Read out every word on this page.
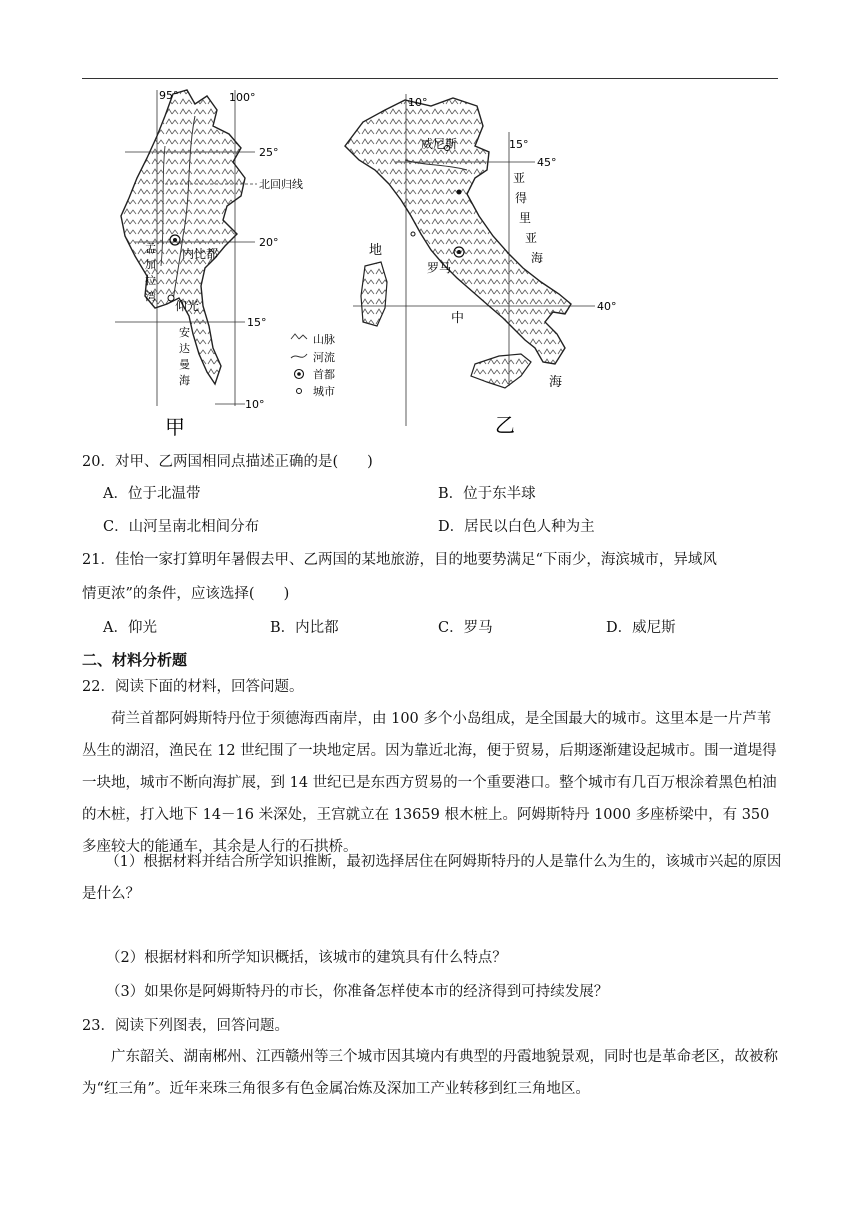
95°	100°
25°
北回归线
20°
15°
10°
内比都
仰光
孟
加
拉
湾
安
达
曼
海
甲
山脉
河流
首都
城市
10°
15°
45°
40°
威尼斯
罗马
亚
得
里
亚
海
地
中
海
乙
20．对甲、乙两国相同点描述正确的是(　　)
A．位于北温带	B．位于东半球
C．山河呈南北相间分布	D．居民以白色人种为主
21．佳怡一家打算明年暑假去甲、乙两国的某地旅游，目的地要势满足“下雨少，海滨城市，异域风
情更浓”的条件，应该选择(　　)
A．仰光	B．内比都	C．罗马	D．威尼斯
二、材料分析题
22．阅读下面的材料，回答问题。
荷兰首都阿姆斯特丹位于须德海西南岸，由 100 多个小岛组成，是全国最大的城市。这里本是一片芦苇丛生的湖沼，渔民在 12 世纪围了一块地定居。因为靠近北海，便于贸易，后期逐渐建设起城市。围一道堤得一块地，城市不断向海扩展，到 14 世纪已是东西方贸易的一个重要港口。整个城市有几百万根涂着黑色柏油的木桩，打入地下 14－16 米深处，王宫就立在 13659 根木桩上。阿姆斯特丹 1000 多座桥梁中，有 350 多座较大的能通车，其余是人行的石拱桥。
（1）根据材料并结合所学知识推断，最初选择居住在阿姆斯特丹的人是靠什么为生的，该城市兴起的原因是什么？
（2）根据材料和所学知识概括，该城市的建筑具有什么特点？
（3）如果你是阿姆斯特丹的市长，你准备怎样使本市的经济得到可持续发展？
23．阅读下列图表，回答问题。
广东韶关、湖南郴州、江西赣州等三个城市因其境内有典型的丹霞地貌景观，同时也是革命老区，故被称为“红三角”。近年来珠三角很多有色金属冶炼及深加工产业转移到红三角地区。
